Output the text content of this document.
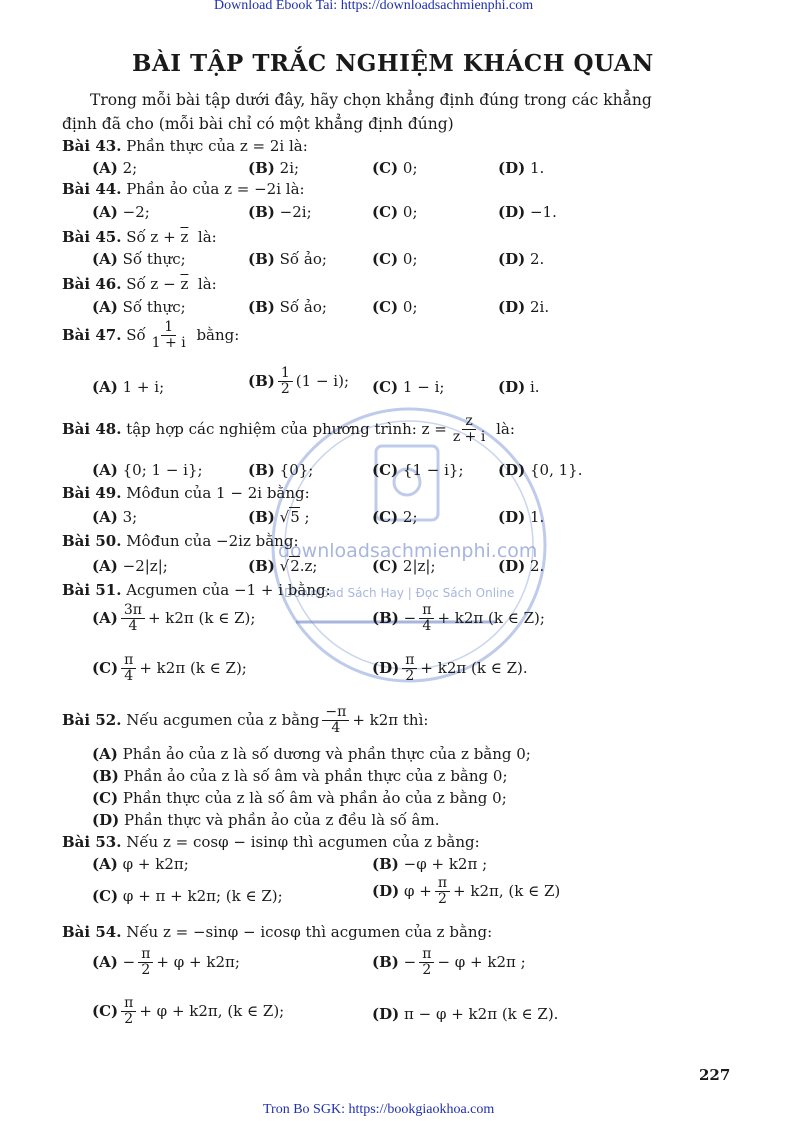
Download Ebook Tai: https://downloadsachmienphi.com
Tron Bo SGK: https://bookgiaokhoa.com
downloadsachmienphi.com
Download Sách Hay | Đọc Sách Online
BÀI TẬP TRẮC NGHIỆM KHÁCH QUAN
Trong mỗi bài tập dưới đây, hãy chọn khẳng định đúng trong các khẳng
định đã cho (mỗi bài chỉ có một khẳng định đúng)
Bài 43. Phần thực của z = 2i là:
(A) 2;	(B) 2i;	(C) 0;	(D) 1.
Bài 44. Phần ảo của z = −2i là:
(A) −2;	(B) −2i;	(C) 0;	(D) −1.
Bài 45. Số $z + \overline{z}$ là:
(A) Số thực;	(B) Số ảo;	(C) 0;	(D) 2.
Bài 46. Số $z - \overline{z}$ là:
(A) Số thực;	(B) Số ảo;	(C) 0;	(D) 2i.
Bài 47. Số $\frac{1}{1 + i}$ bằng:
(A) 1 + i;	$(B) \frac{1}{2} (1 - i)$; (C) 1 − i;	(D) i.
Bài 48. tập hợp các nghiệm của phương trình: $z = \frac{z}{z + i}$ là:
(A) {0; 1 − i};	(B) {0};	(C) {1 − i}; (D) {0, 1}.
Bài 49. Môđun của 1 − 2i bằng:
(A) 3;	(B) √5 ;	(C) 2;	(D) 1.
Bài 50. Môđun của −2iz bằng:
(A) −2|z|;	(B) √2.z;	(C) 2|z|;	(D) 2.
Bài 51. Acgumen của −1 + i bằng:
$(A) \frac{3\pi}{4} + k2\pi$ (k ∈ Z);	$(B) - \frac{\pi}{4} + k2\pi$ (k ∈ Z);
$(C) \frac{\pi}{4} + k2\pi$ (k ∈ Z);	$(D) \frac{\pi}{2} + k2\pi$ (k ∈ Z).
Bài 52. Nếu acgumen của z bằng $\frac{-\pi}{4} + k2\pi$ thì:
(A) Phần ảo của z là số dương và phần thực của z bằng 0;
(B) Phần ảo của z là số âm và phần thực của z bằng 0;
(C) Phần thực của z là số âm và phần ảo của z bằng 0;
(D) Phần thực và phần ảo của z đều là số âm.
Bài 53. Nếu z = cosφ − isinφ thì acgumen của z bằng:
(A) φ + k2π;	(B) −φ + k2π ;
(C) φ + π + k2π; (k ∈ Z);	(D) $\varphi + \frac{\pi}{2} + k2\pi$, (k ∈ Z)
Bài 54. Nếu z = −sinφ − icosφ thì acgumen của z bằng:
$(A) - \frac{\pi}{2} + \varphi + k2\pi$;	$(B) - \frac{\pi}{2} - \varphi + k2\pi$ ;
$(C) \frac{\pi}{2} + \varphi + k2\pi$, (k ∈ Z);	(D) π − φ + k2π (k ∈ Z).
227
